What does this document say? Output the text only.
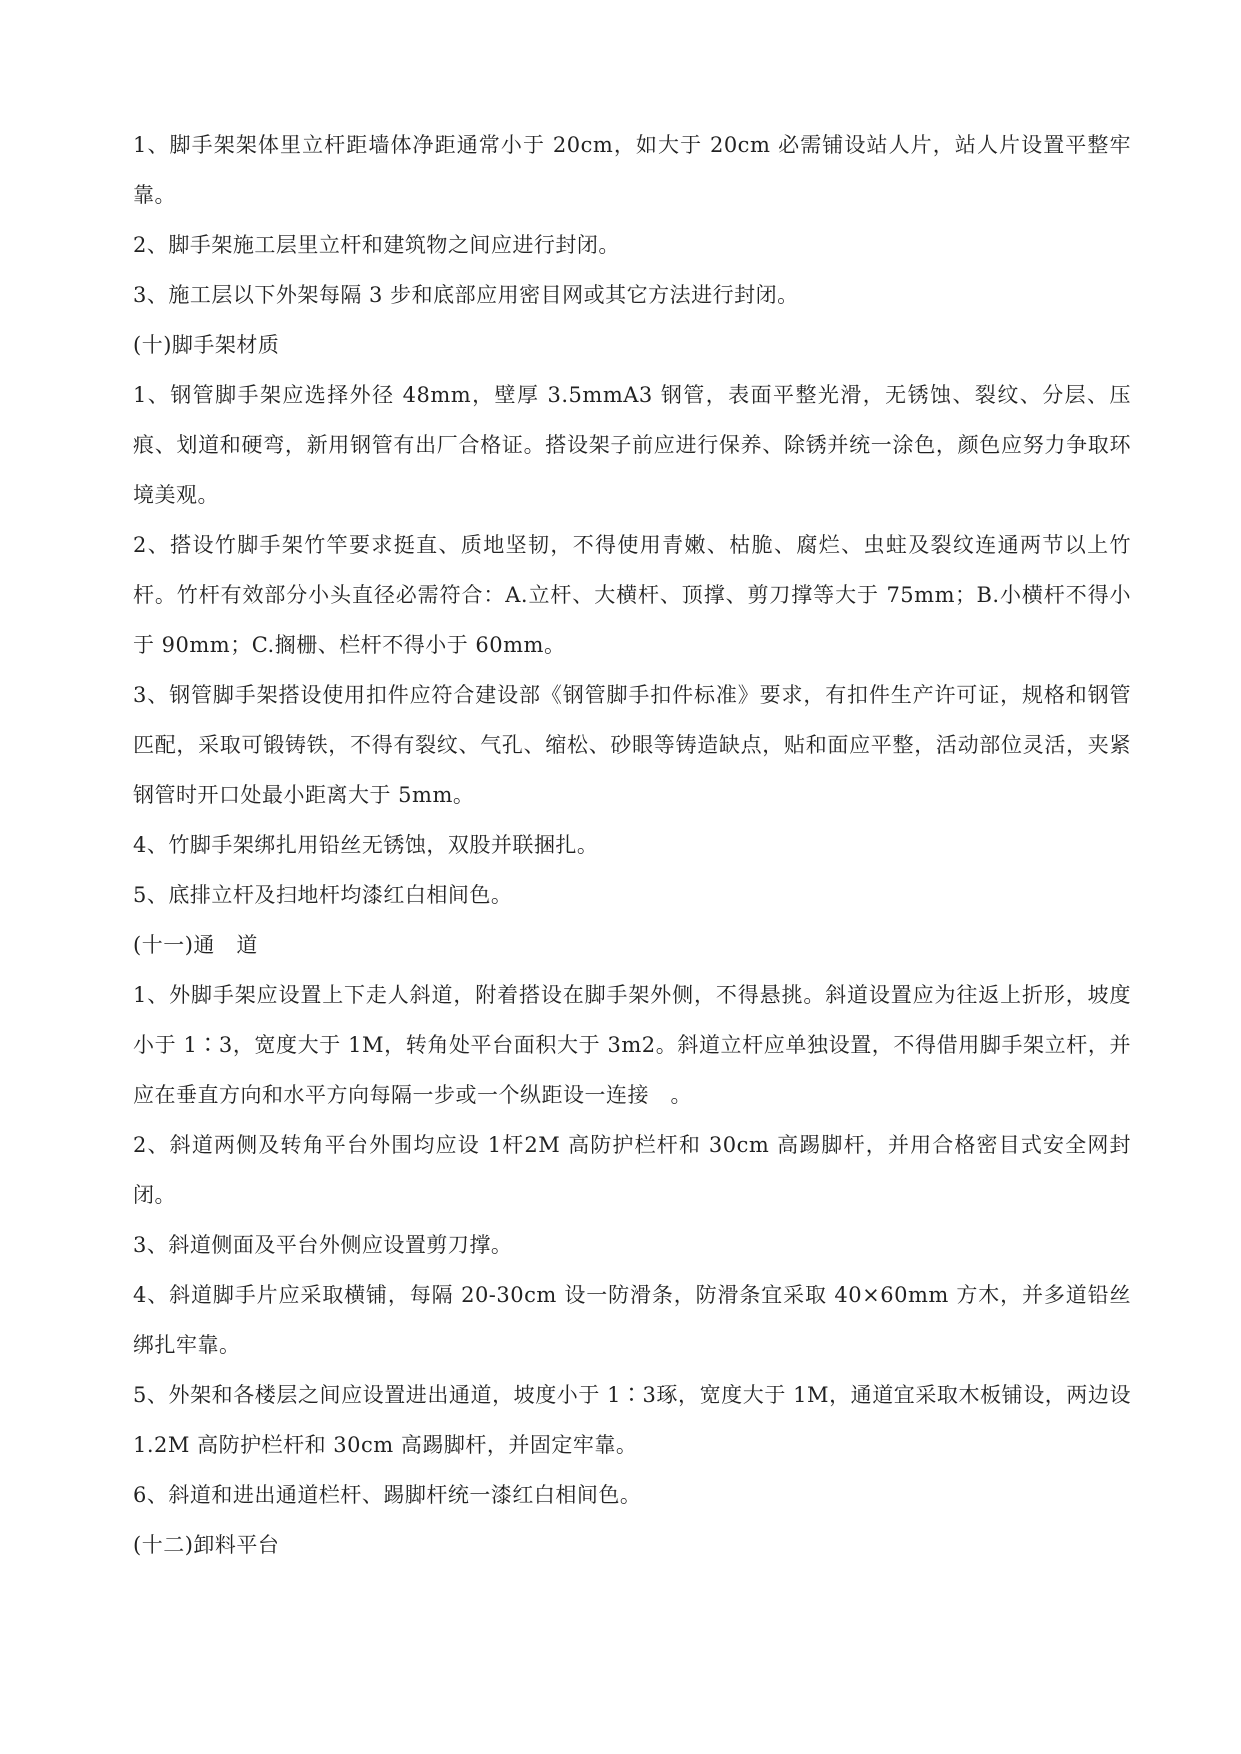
1、脚手架架体里立杆距墙体净距通常小于 20cm，如大于 20cm 必需铺设站人片，站人片设置平整牢靠。

2、脚手架施工层里立杆和建筑物之间应进行封闭。

3、施工层以下外架每隔 3 步和底部应用密目网或其它方法进行封闭。

(十)脚手架材质

1、钢管脚手架应选择外径 48mm，壁厚 3.5mmA3 钢管，表面平整光滑，无锈蚀、裂纹、分层、压痕、划道和硬弯，新用钢管有出厂合格证。搭设架子前应进行保养、除锈并统一涂色，颜色应努力争取环境美观。

2、搭设竹脚手架竹竿要求挺直、质地坚韧，不得使用青嫩、枯脆、腐烂、虫蛀及裂纹连通两节以上竹杆。竹杆有效部分小头直径必需符合：A.立杆、大横杆、顶撑、剪刀撑等大于 75mm；B.小横杆不得小于 90mm；C.搁栅、栏杆不得小于 60mm。

3、钢管脚手架搭设使用扣件应符合建设部《钢管脚手扣件标准》要求，有扣件生产许可证，规格和钢管匹配，采取可锻铸铁，不得有裂纹、气孔、缩松、砂眼等铸造缺点，贴和面应平整，活动部位灵活，夹紧钢管时开口处最小距离大于 5mm。

4、竹脚手架绑扎用铅丝无锈蚀，双股并联捆扎。

5、底排立杆及扫地杆均漆红白相间色。

(十一)通　道

1、外脚手架应设置上下走人斜道，附着搭设在脚手架外侧，不得悬挑。斜道设置应为往返上折形，坡度小于 1∶3，宽度大于 1M，转角处平台面积大于 3m2。斜道立杆应单独设置，不得借用脚手架立杆，并应在垂直方向和水平方向每隔一步或一个纵距设一连接　。

2、斜道两侧及转角平台外围均应设 1杆2M 高防护栏杆和 30cm 高踢脚杆，并用合格密目式安全网封闭。

3、斜道侧面及平台外侧应设置剪刀撑。

4、斜道脚手片应采取横铺，每隔 20-30cm 设一防滑条，防滑条宜采取 40×60mm 方木，并多道铅丝绑扎牢靠。

5、外架和各楼层之间应设置进出通道，坡度小于 1∶3琢，宽度大于 1M，通道宜采取木板铺设，两边设 1.2M 高防护栏杆和 30cm 高踢脚杆，并固定牢靠。

6、斜道和进出通道栏杆、踢脚杆统一漆红白相间色。

(十二)卸料平台
